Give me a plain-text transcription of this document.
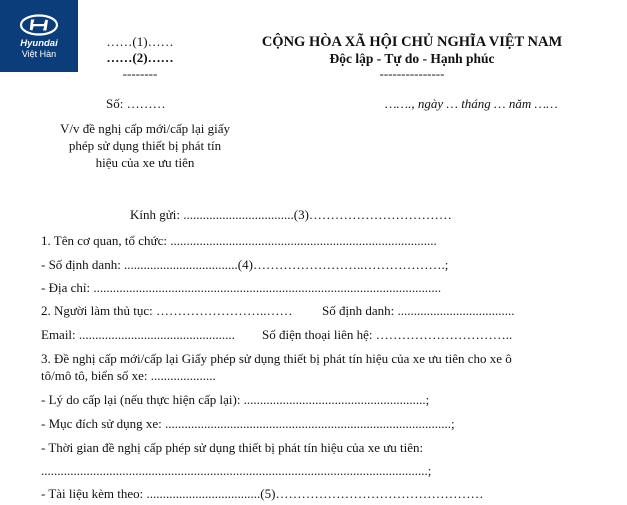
Hyundai
Việt Hàn
……(1)……
……(2)……
--------
CỘNG HÒA XÃ HỘI CHỦ NGHĨA VIỆT NAM
Độc lập - Tự do - Hạnh phúc
---------------
Số: ………	……., ngày … tháng … năm ……
V/v đề nghị cấp mới/cấp lại giấy
phép sử dụng thiết bị phát tín
hiệu của xe ưu tiên
Kính gửi: ..................................(3)……………………………
1. Tên cơ quan, tổ chức: ..................................................................................
- Số định danh: ...................................(4)……………………..……………….;
- Địa chỉ: ...........................................................................................................
2. Người làm thủ tục: ……………………..…… Số định danh: ....................................
Email: ................................................ Số điện thoại liên hệ: …………………………..
3. Đề nghị cấp mới/cấp lại Giấy phép sử dụng thiết bị phát tín hiệu của xe ưu tiên cho xe ô
tô/mô tô, biển số xe: ....................
- Lý do cấp lại (nếu thực hiện cấp lại): ........................................................;
- Mục đích sử dụng xe: ........................................................................................;
- Thời gian đề nghị cấp phép sử dụng thiết bị phát tín hiệu của xe ưu tiên:
.......................................................................................................................;
- Tài liệu kèm theo: ...................................(5)…………………………………………
